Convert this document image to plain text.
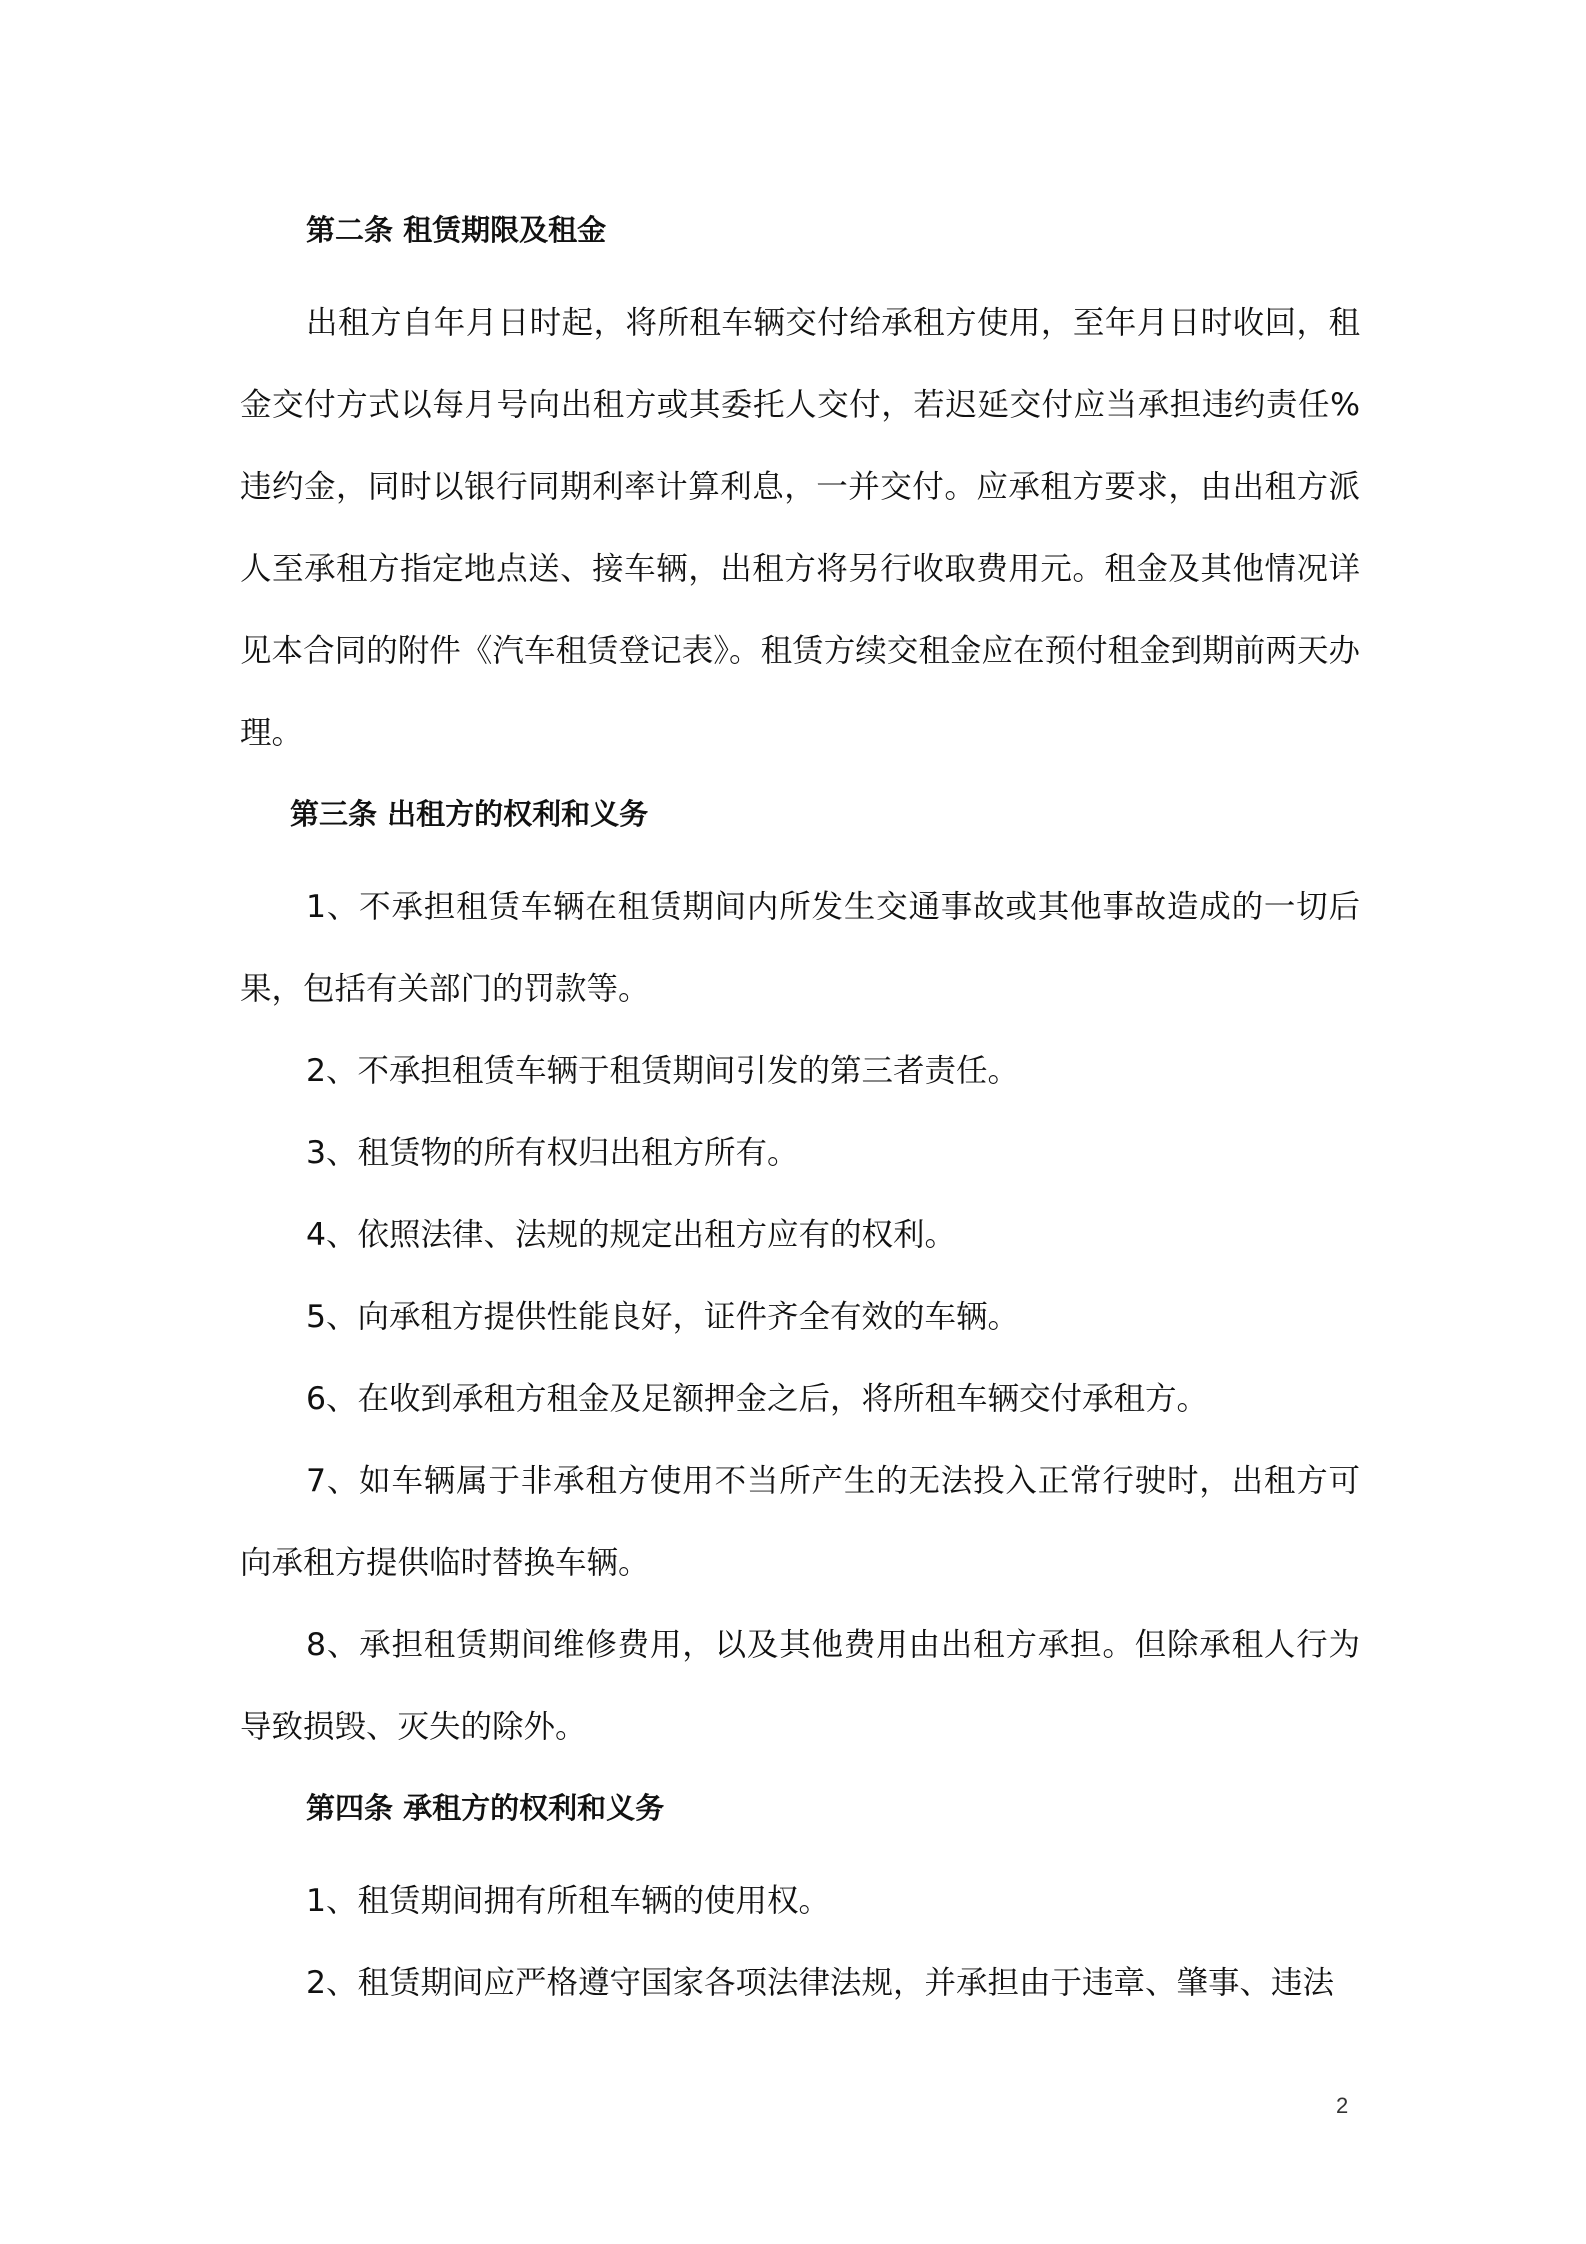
第二条 租赁期限及租金

出租方自年月日时起，将所租车辆交付给承租方使用，至年月日时收回，租金交付方式以每月号向出租方或其委托人交付，若迟延交付应当承担违约责任%违约金，同时以银行同期利率计算利息，一并交付。应承租方要求，由出租方派人至承租方指定地点送、接车辆，出租方将另行收取费用元。租金及其他情况详见本合同的附件《汽车租赁登记表》。租赁方续交租金应在预付租金到期前两天办理。

第三条 出租方的权利和义务

1、不承担租赁车辆在租赁期间内所发生交通事故或其他事故造成的一切后果，包括有关部门的罚款等。

2、不承担租赁车辆于租赁期间引发的第三者责任。

3、租赁物的所有权归出租方所有。

4、依照法律、法规的规定出租方应有的权利。

5、向承租方提供性能良好，证件齐全有效的车辆。

6、在收到承租方租金及足额押金之后，将所租车辆交付承租方。

7、如车辆属于非承租方使用不当所产生的无法投入正常行驶时，出租方可向承租方提供临时替换车辆。

8、承担租赁期间维修费用，以及其他费用由出租方承担。但除承租人行为导致损毁、灭失的除外。

第四条 承租方的权利和义务

1、租赁期间拥有所租车辆的使用权。

2、租赁期间应严格遵守国家各项法律法规，并承担由于违章、肇事、违法

2
